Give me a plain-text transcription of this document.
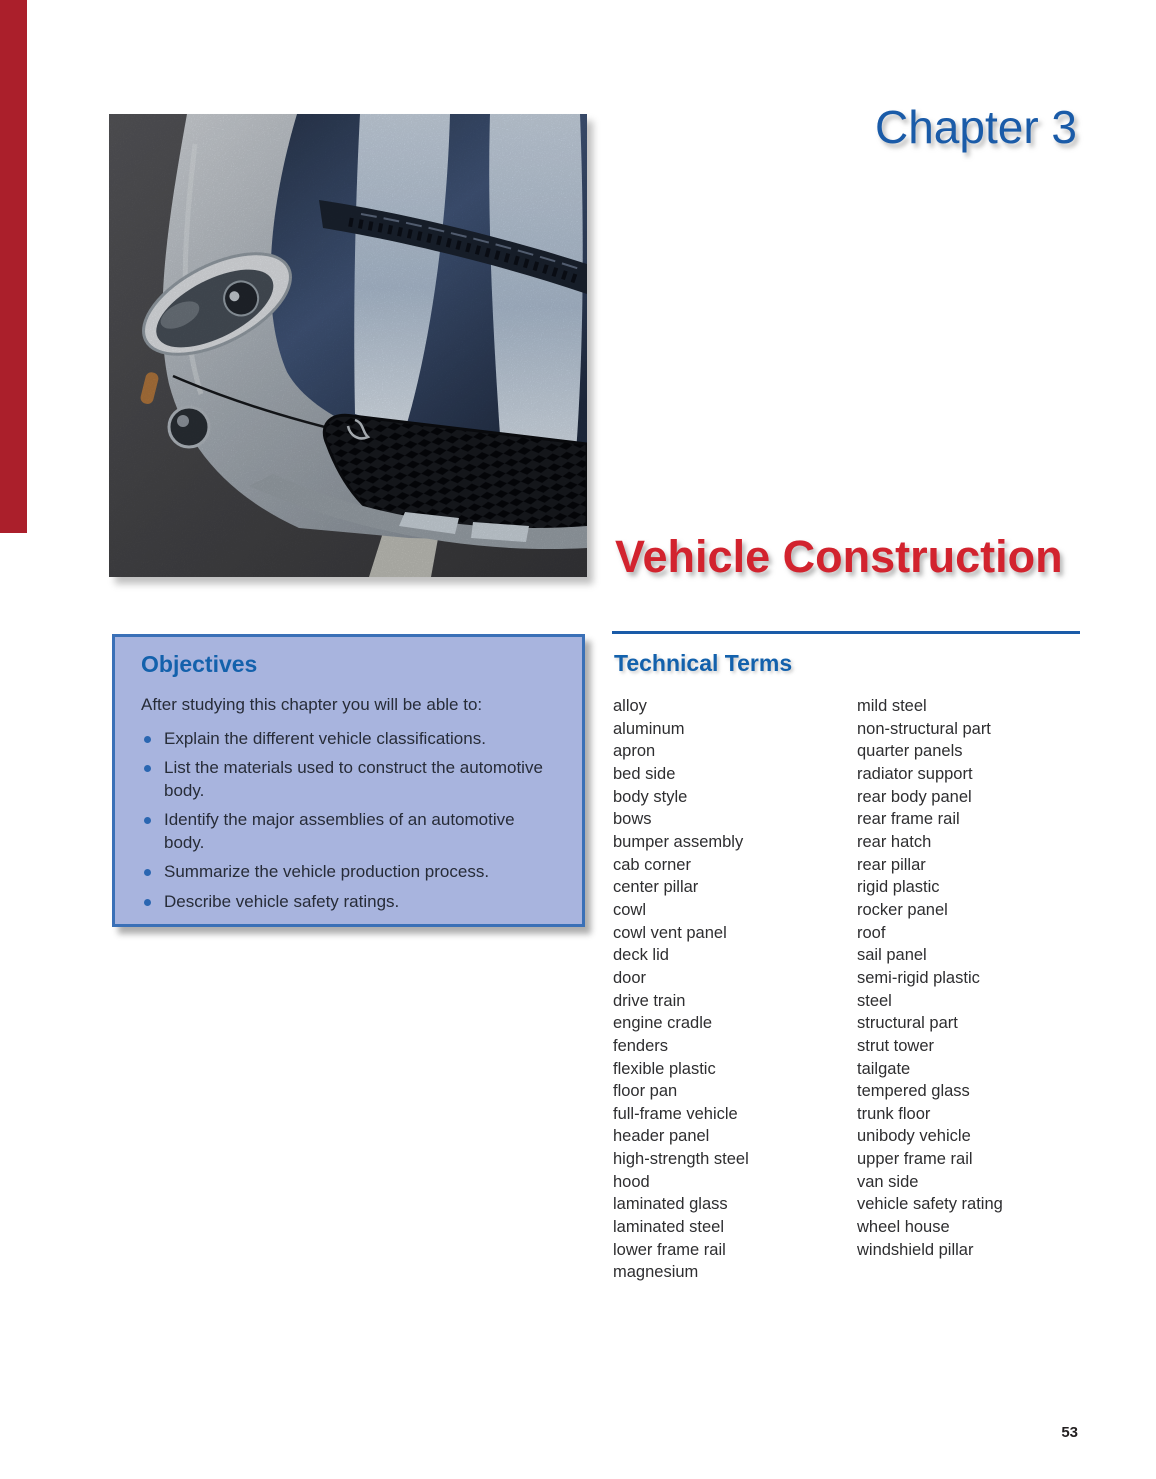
Chapter 3
Vehicle Construction
Objectives

After studying this chapter you will be able to:

Explain the different vehicle classifications.
List the materials used to construct the automotive body.
Identify the major assemblies of an automotive body.
Summarize the vehicle production process.
Describe vehicle safety ratings.
Technical Terms
alloy
aluminum
apron
bed side
body style
bows
bumper assembly
cab corner
center pillar
cowl
cowl vent panel
deck lid
door
drive train
engine cradle
fenders
flexible plastic
floor pan
full-frame vehicle
header panel
high-strength steel
hood
laminated glass
laminated steel
lower frame rail
magnesium
mild steel
non-structural part
quarter panels
radiator support
rear body panel
rear frame rail
rear hatch
rear pillar
rigid plastic
rocker panel
roof
sail panel
semi-rigid plastic
steel
structural part
strut tower
tailgate
tempered glass
trunk floor
unibody vehicle
upper frame rail
van side
vehicle safety rating
wheel house
windshield pillar
53
